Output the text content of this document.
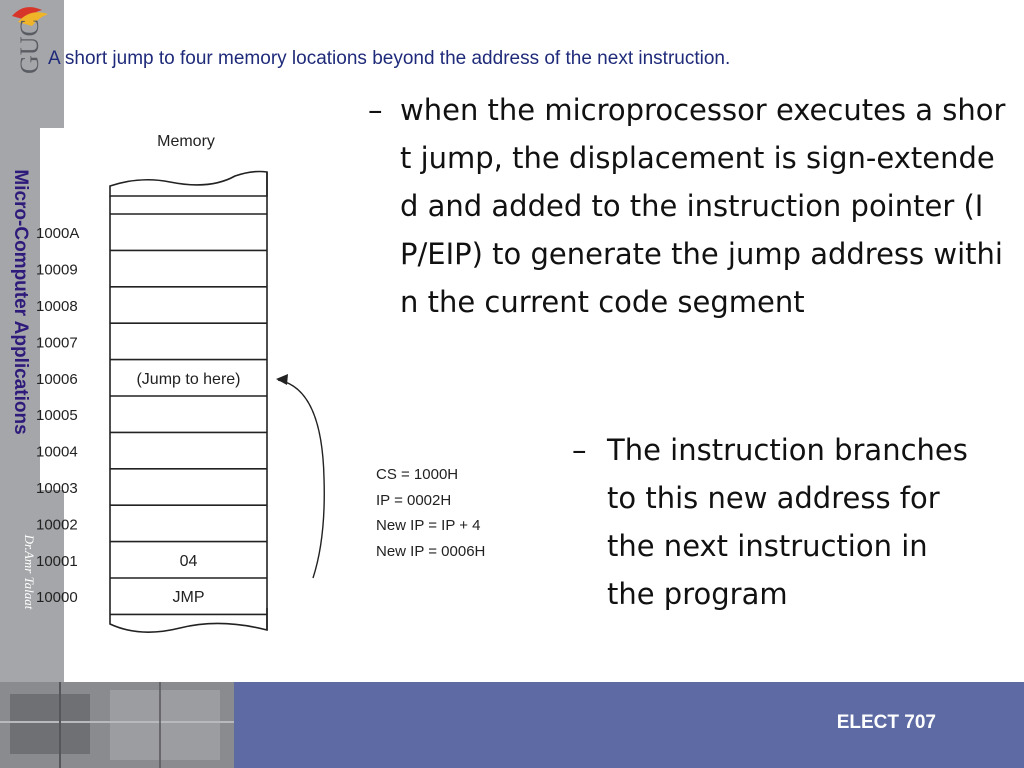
GUC
Micro-Computer Applications
Dr.Amr Talaat
A short jump to four memory locations beyond the address of the next instruction.
Memory
1000A
10009
10008
10007
10006	(Jump to here)
10005
10004
10003
10002
10001	04
10000	JMP
CS = 1000H
IP = 0002H
New IP = IP + 4
New IP = 0006H
– when the microprocessor executes a short jump, the displacement is sign-extended and added to the instruction pointer (IP/EIP) to generate the jump address within the current code segment
– The instruction branches to this new address for the next instruction in the program
ELECT 707
